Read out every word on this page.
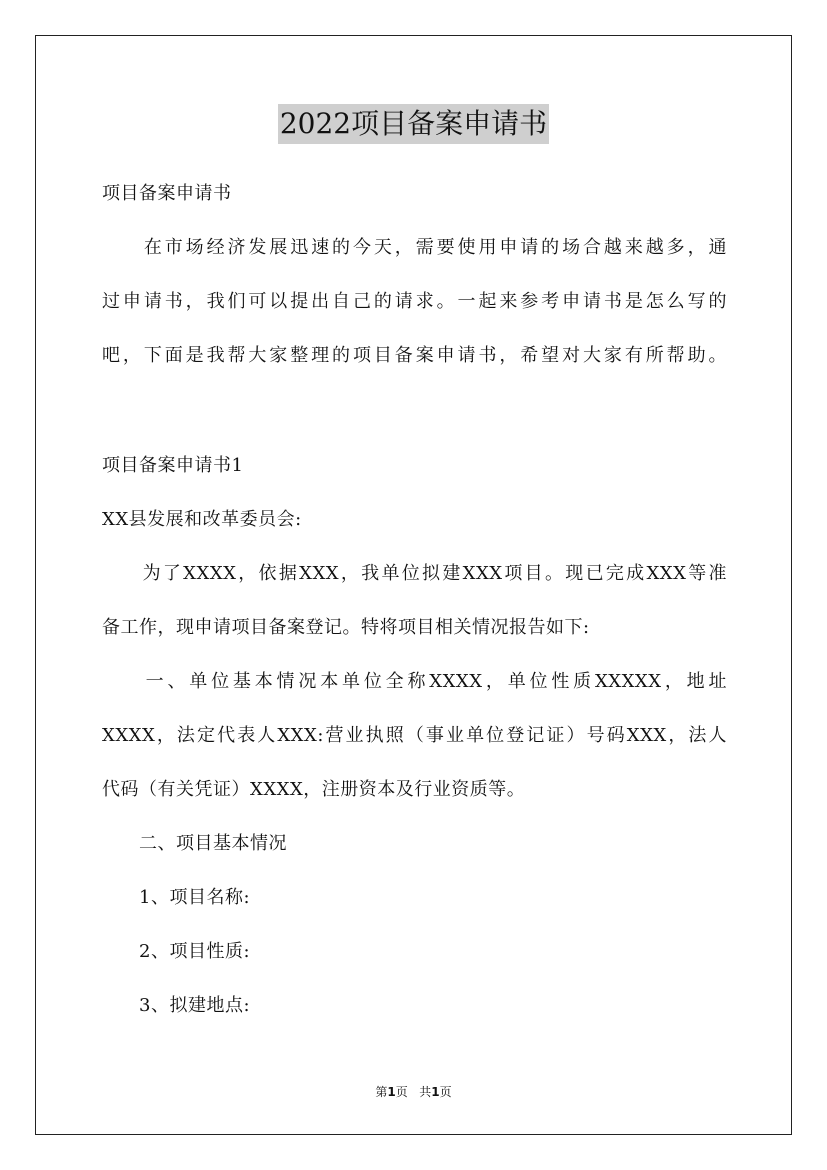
2022项目备案申请书
项目备案申请书
　　在市场经济发展迅速的今天，需要使用申请的场合越来越多，通
过申请书，我们可以提出自己的请求。一起来参考申请书是怎么写的
吧，下面是我帮大家整理的项目备案申请书，希望对大家有所帮助。
项目备案申请书1
XX县发展和改革委员会:
　　为了XXXX，依据XXX，我单位拟建XXX项目。现已完成XXX等准
备工作，现申请项目备案登记。特将项目相关情况报告如下:
　　一、单位基本情况本单位全称XXXX，单位性质XXXXX，地址
XXXX，法定代表人XXX:营业执照（事业单位登记证）号码XXX，法人
代码（有关凭证）XXXX，注册资本及行业资质等。
　　二、项目基本情况
　　1、项目名称:
　　2、项目性质:
　　3、拟建地点:
第1页 共1页
